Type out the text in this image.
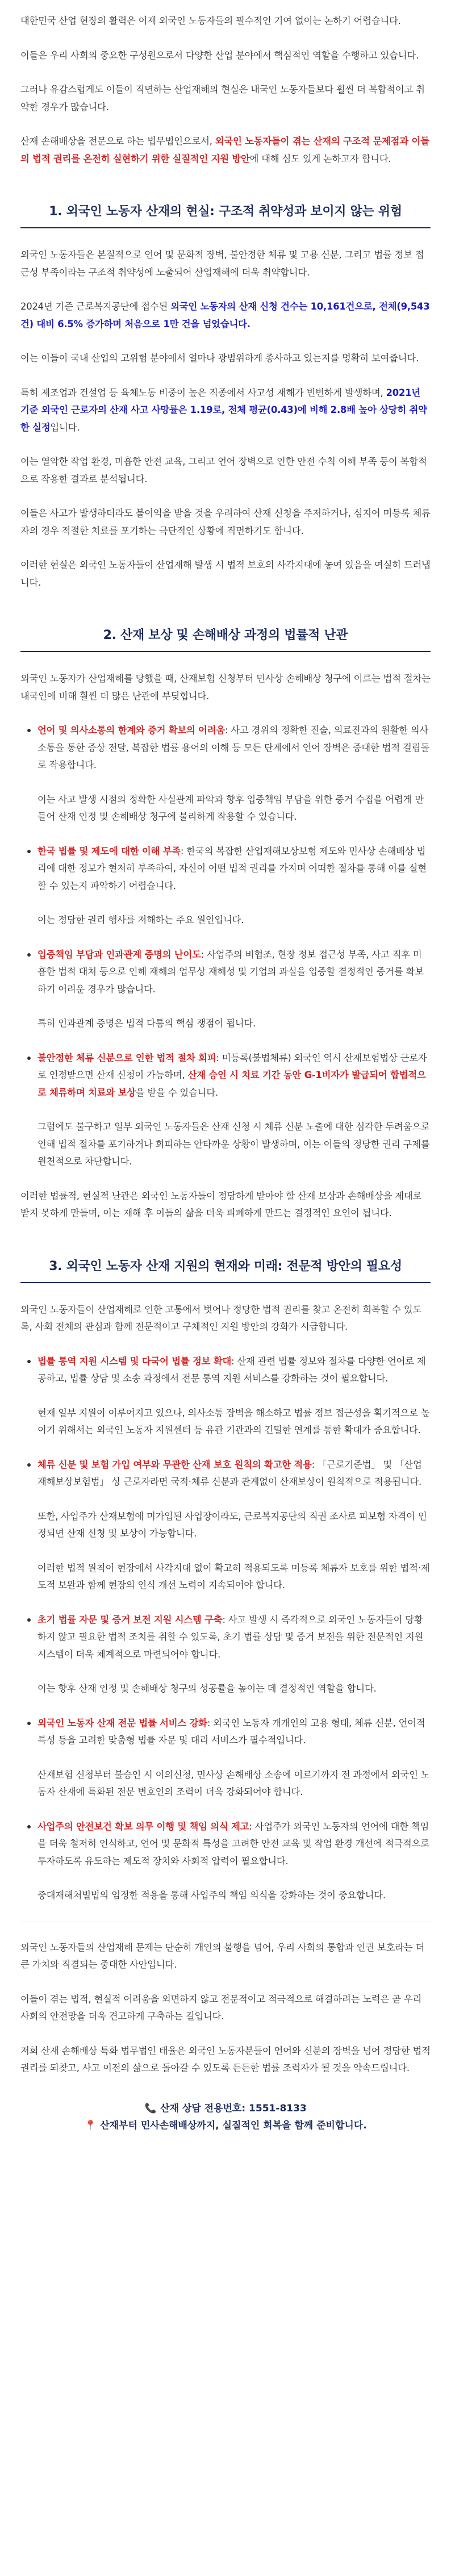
대한민국 산업 현장의 활력은 이제 외국인 노동자들의 필수적인 기여 없이는 논하기 어렵습니다.

이들은 우리 사회의 중요한 구성원으로서 다양한 산업 분야에서 핵심적인 역할을 수행하고 있습니다.

그러나 유감스럽게도 이들이 직면하는 산업재해의 현실은 내국인 노동자들보다 훨씬 더 복합적이고 취약한 경우가 많습니다.

산재 손해배상을 전문으로 하는 법무법인으로서, 외국인 노동자들이 겪는 산재의 구조적 문제점과 이들의 법적 권리를 온전히 실현하기 위한 실질적인 지원 방안에 대해 심도 있게 논하고자 합니다.

1. 외국인 노동자 산재의 현실: 구조적 취약성과 보이지 않는 위험

외국인 노동자들은 본질적으로 언어 및 문화적 장벽, 불안정한 체류 및 고용 신분, 그리고 법률 정보 접근성 부족이라는 구조적 취약성에 노출되어 산업재해에 더욱 취약합니다.

2024년 기준 근로복지공단에 접수된 외국인 노동자의 산재 신청 건수는 10,161건으로, 전체(9,543건) 대비 6.5% 증가하며 처음으로 1만 건을 넘었습니다.

이는 이들이 국내 산업의 고위험 분야에서 얼마나 광범위하게 종사하고 있는지를 명확히 보여줍니다.

특히 제조업과 건설업 등 육체노동 비중이 높은 직종에서 사고성 재해가 빈번하게 발생하며, 2021년 기준 외국인 근로자의 산재 사고 사망률은 1.19로, 전체 평균(0.43)에 비해 2.8배 높아 상당히 취약한 실정입니다.

이는 열악한 작업 환경, 미흡한 안전 교육, 그리고 언어 장벽으로 인한 안전 수칙 이해 부족 등이 복합적으로 작용한 결과로 분석됩니다.

이들은 사고가 발생하더라도 불이익을 받을 것을 우려하여 산재 신청을 주저하거나, 심지어 미등록 체류자의 경우 적절한 치료를 포기하는 극단적인 상황에 직면하기도 합니다.

이러한 현실은 외국인 노동자들이 산업재해 발생 시 법적 보호의 사각지대에 놓여 있음을 여실히 드러냅니다.

2. 산재 보상 및 손해배상 과정의 법률적 난관

외국인 노동자가 산업재해를 당했을 때, 산재보험 신청부터 민사상 손해배상 청구에 이르는 법적 절차는 내국인에 비해 훨씬 더 많은 난관에 부딪힙니다.

언어 및 의사소통의 한계와 증거 확보의 어려움: 사고 경위의 정확한 진술, 의료진과의 원활한 의사소통을 통한 증상 전달, 복잡한 법률 용어의 이해 등 모든 단계에서 언어 장벽은 중대한 법적 걸림돌로 작용합니다.

이는 사고 발생 시점의 정확한 사실관계 파악과 향후 입증책임 부담을 위한 증거 수집을 어렵게 만들어 산재 인정 및 손해배상 청구에 불리하게 작용할 수 있습니다.

한국 법률 및 제도에 대한 이해 부족: 한국의 복잡한 산업재해보상보험 제도와 민사상 손해배상 법리에 대한 정보가 현저히 부족하여, 자신이 어떤 법적 권리를 가지며 어떠한 절차를 통해 이를 실현할 수 있는지 파악하기 어렵습니다.

이는 정당한 권리 행사를 저해하는 주요 원인입니다.

입증책임 부담과 인과관계 증명의 난이도: 사업주의 비협조, 현장 정보 접근성 부족, 사고 직후 미흡한 법적 대처 등으로 인해 재해의 업무상 재해성 및 기업의 과실을 입증할 결정적인 증거를 확보하기 어려운 경우가 많습니다.

특히 인과관계 증명은 법적 다툼의 핵심 쟁점이 됩니다.

불안정한 체류 신분으로 인한 법적 절차 회피: 미등록(불법체류) 외국인 역시 산재보험법상 근로자로 인정받으면 산재 신청이 가능하며, 산재 승인 시 치료 기간 동안 G-1비자가 발급되어 합법적으로 체류하며 치료와 보상을 받을 수 있습니다.

그럼에도 불구하고 일부 외국인 노동자들은 산재 신청 시 체류 신분 노출에 대한 심각한 두려움으로 인해 법적 절차를 포기하거나 회피하는 안타까운 상황이 발생하며, 이는 이들의 정당한 권리 구제를 원천적으로 차단합니다.

이러한 법률적, 현실적 난관은 외국인 노동자들이 정당하게 받아야 할 산재 보상과 손해배상을 제대로 받지 못하게 만들며, 이는 재해 후 이들의 삶을 더욱 피폐하게 만드는 결정적인 요인이 됩니다.

3. 외국인 노동자 산재 지원의 현재와 미래: 전문적 방안의 필요성

외국인 노동자들이 산업재해로 인한 고통에서 벗어나 정당한 법적 권리를 찾고 온전히 회복할 수 있도록, 사회 전체의 관심과 함께 전문적이고 구체적인 지원 방안의 강화가 시급합니다.

법률 통역 지원 시스템 및 다국어 법률 정보 확대: 산재 관련 법률 정보와 절차를 다양한 언어로 제공하고, 법률 상담 및 소송 과정에서 전문 통역 지원 서비스를 강화하는 것이 필요합니다.

현재 일부 지원이 이루어지고 있으나, 의사소통 장벽을 해소하고 법률 정보 접근성을 획기적으로 높이기 위해서는 외국인 노동자 지원센터 등 유관 기관과의 긴밀한 연계를 통한 확대가 중요합니다.

체류 신분 및 보험 가입 여부와 무관한 산재 보호 원칙의 확고한 적용: 「근로기준법」 및 「산업재해보상보험법」 상 근로자라면 국적·체류 신분과 관계없이 산재보상이 원칙적으로 적용됩니다.

또한, 사업주가 산재보험에 미가입된 사업장이라도, 근로복지공단의 직권 조사로 피보험 자격이 인정되면 산재 신청 및 보상이 가능합니다.

이러한 법적 원칙이 현장에서 사각지대 없이 확고히 적용되도록 미등록 체류자 보호를 위한 법적·제도적 보완과 함께 현장의 인식 개선 노력이 지속되어야 합니다.

초기 법률 자문 및 증거 보전 지원 시스템 구축: 사고 발생 시 즉각적으로 외국인 노동자들이 당황하지 않고 필요한 법적 조치를 취할 수 있도록, 초기 법률 상담 및 증거 보전을 위한 전문적인 지원 시스템이 더욱 체계적으로 마련되어야 합니다.

이는 향후 산재 인정 및 손해배상 청구의 성공률을 높이는 데 결정적인 역할을 합니다.

외국인 노동자 산재 전문 법률 서비스 강화: 외국인 노동자 개개인의 고용 형태, 체류 신분, 언어적 특성 등을 고려한 맞춤형 법률 자문 및 대리 서비스가 필수적입니다.

산재보험 신청부터 불승인 시 이의신청, 민사상 손해배상 소송에 이르기까지 전 과정에서 외국인 노동자 산재에 특화된 전문 변호인의 조력이 더욱 강화되어야 합니다.

사업주의 안전보건 확보 의무 이행 및 책임 의식 제고: 사업주가 외국인 노동자의 언어에 대한 책임을 더욱 철저히 인식하고, 언어 및 문화적 특성을 고려한 안전 교육 및 작업 환경 개선에 적극적으로 투자하도록 유도하는 제도적 장치와 사회적 압력이 필요합니다.

중대재해처벌법의 엄정한 적용을 통해 사업주의 책임 의식을 강화하는 것이 중요합니다.

외국인 노동자들의 산업재해 문제는 단순히 개인의 불행을 넘어, 우리 사회의 통합과 인권 보호라는 더 큰 가치와 직결되는 중대한 사안입니다.

이들이 겪는 법적, 현실적 어려움을 외면하지 않고 전문적이고 적극적으로 해결하려는 노력은 곧 우리 사회의 안전망을 더욱 견고하게 구축하는 길입니다.

저희 산재 손해배상 특화 법무법인 태율은 외국인 노동자분들이 언어와 신분의 장벽을 넘어 정당한 법적 권리를 되찾고, 사고 이전의 삶으로 돌아갈 수 있도록 든든한 법률 조력자가 될 것을 약속드립니다.

📞 산재 상담 전용번호: 1551-8133
📍 산재부터 민사손해배상까지, 실질적인 회복을 함께 준비합니다.
